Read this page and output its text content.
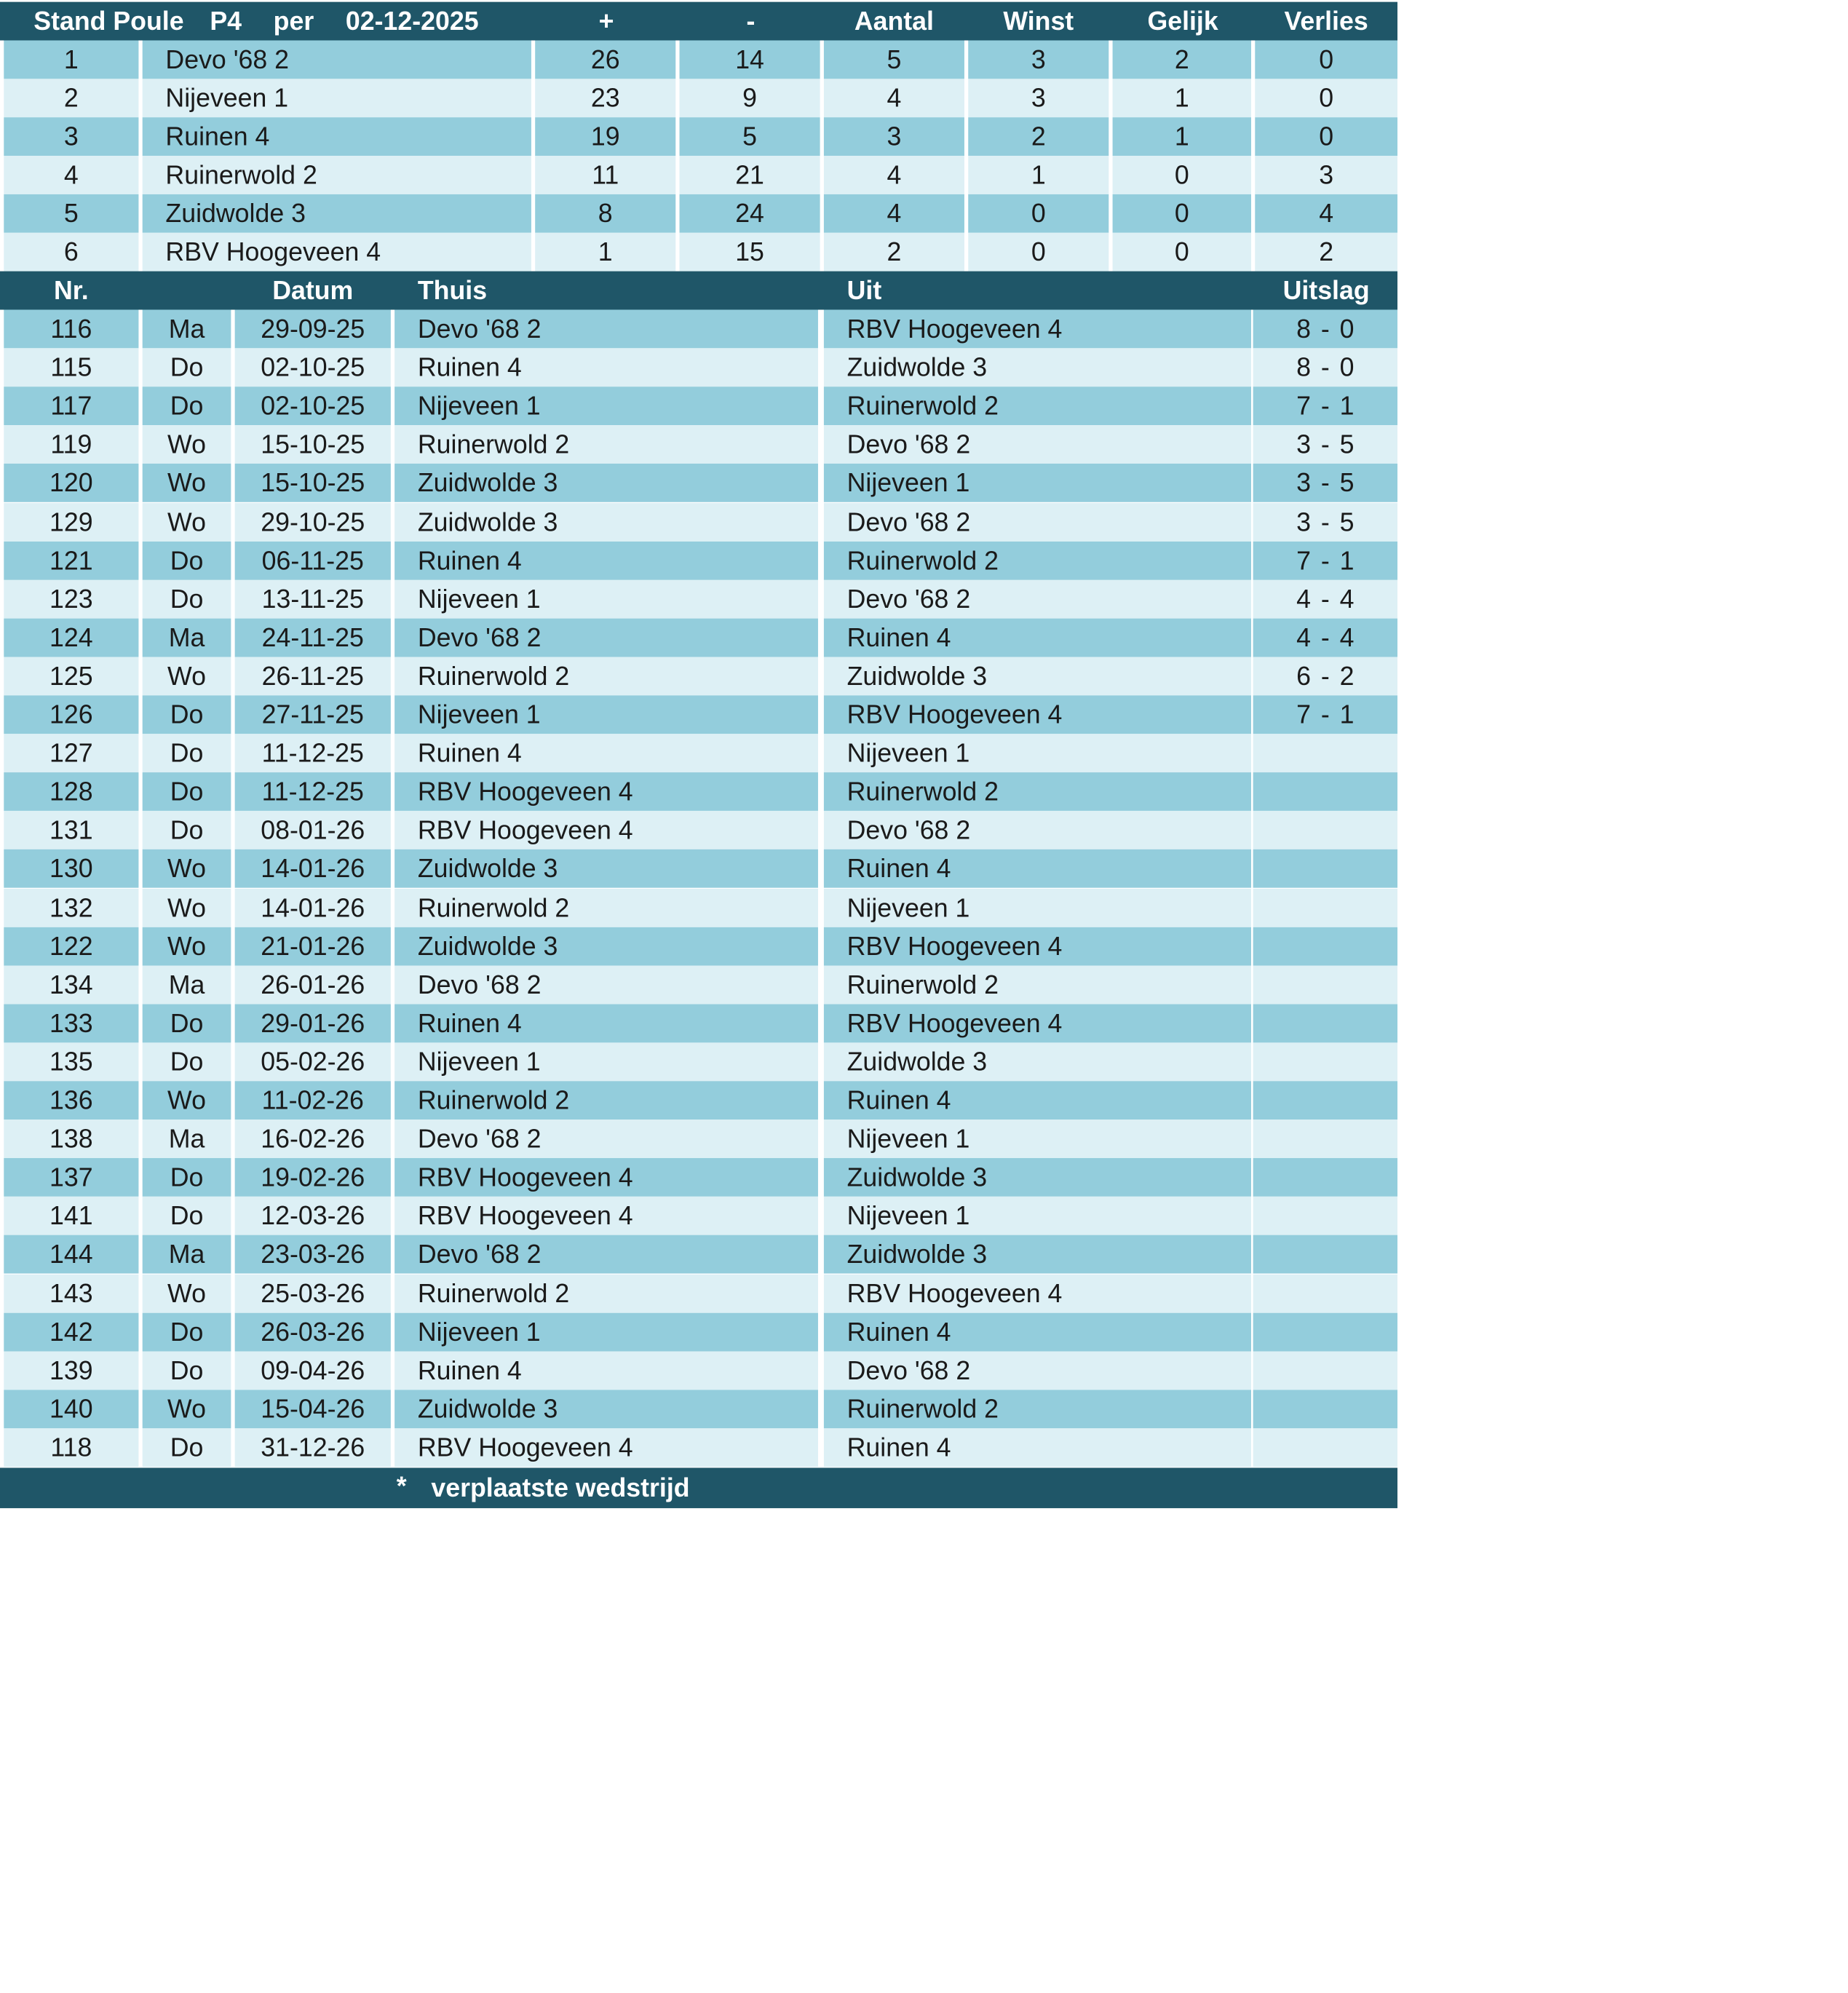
Stand Poule P4 per 02-12-2025	+	-	Aantal	Winst	Gelijk	Verlies
1	Devo '68 2	26	14	5	3	2	0
2	Nijeveen 1	23	9	4	3	1	0
3	Ruinen 4	19	5	3	2	1	0
4	Ruinerwold 2	11	21	4	1	0	3
5	Zuidwolde 3	8	24	4	0	0	4
6	RBV Hoogeveen 4	1	15	2	0	0	2
Nr.	Datum	Thuis	Uit	Uitslag
116	Ma	29-09-25	Devo '68 2	RBV Hoogeveen 4	8 - 0
115	Do	02-10-25	Ruinen 4	Zuidwolde 3	8 - 0
117	Do	02-10-25	Nijeveen 1	Ruinerwold 2	7 - 1
119	Wo	15-10-25	Ruinerwold 2	Devo '68 2	3 - 5
120	Wo	15-10-25	Zuidwolde 3	Nijeveen 1	3 - 5
129	Wo	29-10-25	Zuidwolde 3	Devo '68 2	3 - 5
121	Do	06-11-25	Ruinen 4	Ruinerwold 2	7 - 1
123	Do	13-11-25	Nijeveen 1	Devo '68 2	4 - 4
124	Ma	24-11-25	Devo '68 2	Ruinen 4	4 - 4
125	Wo	26-11-25	Ruinerwold 2	Zuidwolde 3	6 - 2
126	Do	27-11-25	Nijeveen 1	RBV Hoogeveen 4	7 - 1
127	Do	11-12-25	Ruinen 4	Nijeveen 1
128	Do	11-12-25	RBV Hoogeveen 4	Ruinerwold 2
131	Do	08-01-26	RBV Hoogeveen 4	Devo '68 2
130	Wo	14-01-26	Zuidwolde 3	Ruinen 4
132	Wo	14-01-26	Ruinerwold 2	Nijeveen 1
122	Wo	21-01-26	Zuidwolde 3	RBV Hoogeveen 4
134	Ma	26-01-26	Devo '68 2	Ruinerwold 2
133	Do	29-01-26	Ruinen 4	RBV Hoogeveen 4
135	Do	05-02-26	Nijeveen 1	Zuidwolde 3
136	Wo	11-02-26	Ruinerwold 2	Ruinen 4
138	Ma	16-02-26	Devo '68 2	Nijeveen 1
137	Do	19-02-26	RBV Hoogeveen 4	Zuidwolde 3
141	Do	12-03-26	RBV Hoogeveen 4	Nijeveen 1
144	Ma	23-03-26	Devo '68 2	Zuidwolde 3
143	Wo	25-03-26	Ruinerwold 2	RBV Hoogeveen 4
142	Do	26-03-26	Nijeveen 1	Ruinen 4
139	Do	09-04-26	Ruinen 4	Devo '68 2
140	Wo	15-04-26	Zuidwolde 3	Ruinerwold 2
118	Do	31-12-26	RBV Hoogeveen 4	Ruinen 4
* verplaatste wedstrijd
